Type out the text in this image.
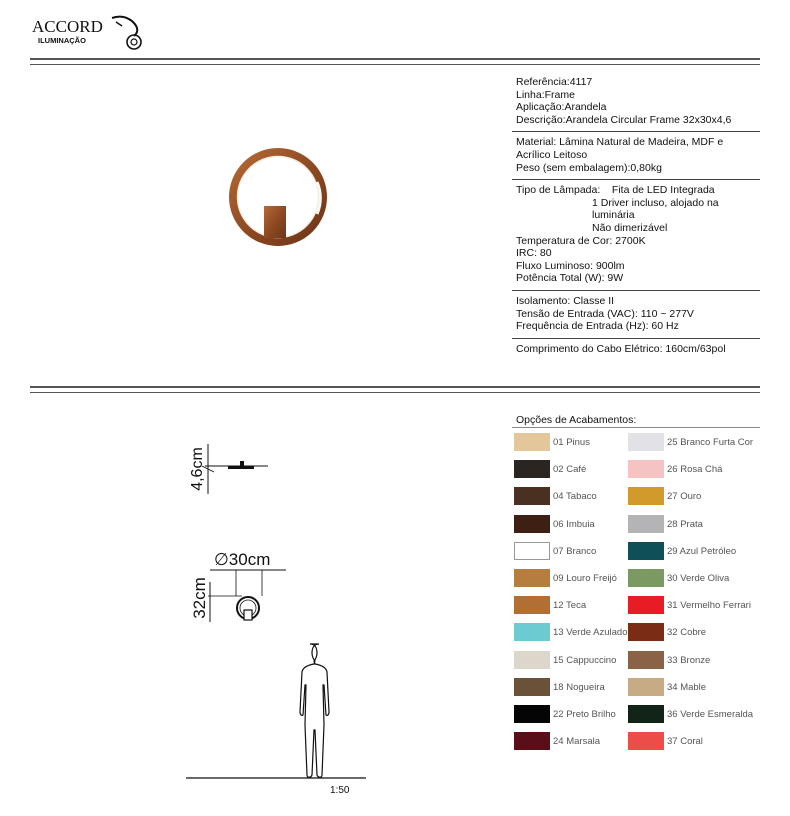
ACCORD
ILUMINAÇÃO
Referência:4117
Linha:Frame
Aplicação:Arandela
Descrição:Arandela Circular Frame 32x30x4,6
Material: Lâmina Natural de Madeira, MDF e
Acrílico Leitoso
Peso (sem embalagem):0,80kg
Tipo de Lâmpada:    Fita de LED Integrada
1 Driver incluso, alojado na
luminária
Não dimerizável
Temperatura de Cor: 2700K
IRC: 80
Fluxo Luminoso: 900lm
Potência Total (W): 9W
Isolamento: Classe II
Tensão de Entrada (VAC): 110 ~ 277V
Frequência de Entrada (Hz): 60 Hz
Comprimento do Cabo Elétrico: 160cm/63pol
4,6cm
∅30cm
32cm
1:50
Opções de Acabamentos:
01 Pinus
02 Café
04 Tabaco
06 Imbuia
07 Branco
09 Louro Freijó
12 Teca
13 Verde Azulado
15 Cappuccino
18 Nogueira
22 Preto Brilho
24 Marsala
25 Branco Furta Cor
26 Rosa Chá
27 Ouro
28 Prata
29 Azul Petróleo
30 Verde Oliva
31 Vermelho Ferrari
32 Cobre
33 Bronze
34 Mable
36 Verde Esmeralda
37 Coral
